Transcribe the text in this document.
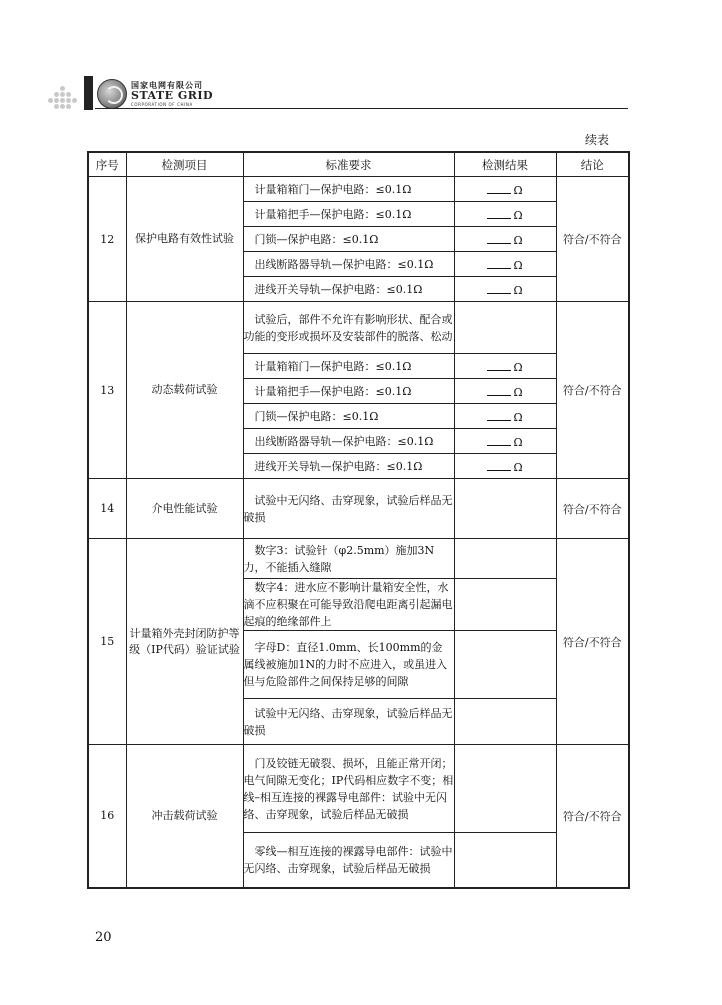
国家电网有限公司
STATE GRID
CORPORATION OF CHINA
续表
序号	检测项目	标准要求	检测结果	结论
12	保护电路有效性试验	计量箱箱门—保护电路：≤0.1Ω	Ω	符合/不符合
		计量箱把手—保护电路：≤0.1Ω	Ω	
		门锁—保护电路：≤0.1Ω	Ω	
		出线断路器导轨—保护电路：≤0.1Ω	Ω	
		进线开关导轨—保护电路：≤0.1Ω	Ω	
13	动态载荷试验	试验后，部件不允许有影响形状、配合或功能的变形或损坏及安装部件的脱落、松动		符合/不符合
		计量箱箱门—保护电路：≤0.1Ω	Ω	
		计量箱把手—保护电路：≤0.1Ω	Ω	
		门锁—保护电路：≤0.1Ω	Ω	
		出线断路器导轨—保护电路：≤0.1Ω	Ω	
		进线开关导轨—保护电路：≤0.1Ω	Ω	
14	介电性能试验	试验中无闪络、击穿现象，试验后样品无破损		符合/不符合
15	计量箱外壳封闭防护等级（IP代码）验证试验	数字3：试验针（φ2.5mm）施加3N力，不能插入缝隙		符合/不符合
		数字4：进水应不影响计量箱安全性，水滴不应积聚在可能导致沿爬电距离引起漏电起痕的绝缘部件上		
		字母D：直径1.0mm、长100mm的金属线被施加1N的力时不应进入，或虽进入但与危险部件之间保持足够的间隙		
		试验中无闪络、击穿现象，试验后样品无破损		
16	冲击载荷试验	门及铰链无破裂、损坏，且能正常开闭；电气间隙无变化；IP代码相应数字不变；相线–相互连接的裸露导电部件：试验中无闪络、击穿现象，试验后样品无破损		符合/不符合
		零线—相互连接的裸露导电部件：试验中无闪络、击穿现象，试验后样品无破损		
20
